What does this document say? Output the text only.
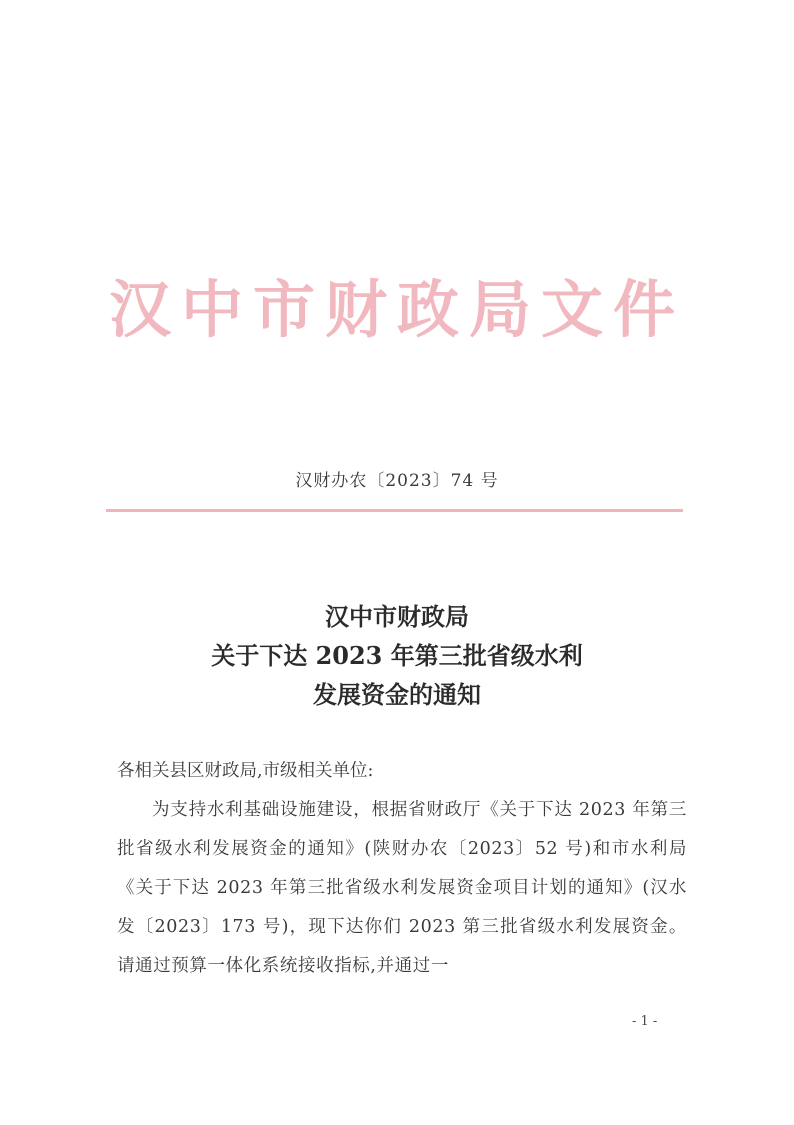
汉中市财政局文件
汉财办农〔2023〕74 号
汉中市财政局
关于下达 2023 年第三批省级水利
发展资金的通知
各相关县区财政局,市级相关单位:
为支持水利基础设施建设，根据省财政厅《关于下达 2023 年第三批省级水利发展资金的通知》(陕财办农〔2023〕52 号)和市水利局《关于下达 2023 年第三批省级水利发展资金项目计划的通知》(汉水发〔2023〕173 号)，现下达你们 2023 第三批省级水利发展资金。请通过预算一体化系统接收指标,并通过一
- 1 -
